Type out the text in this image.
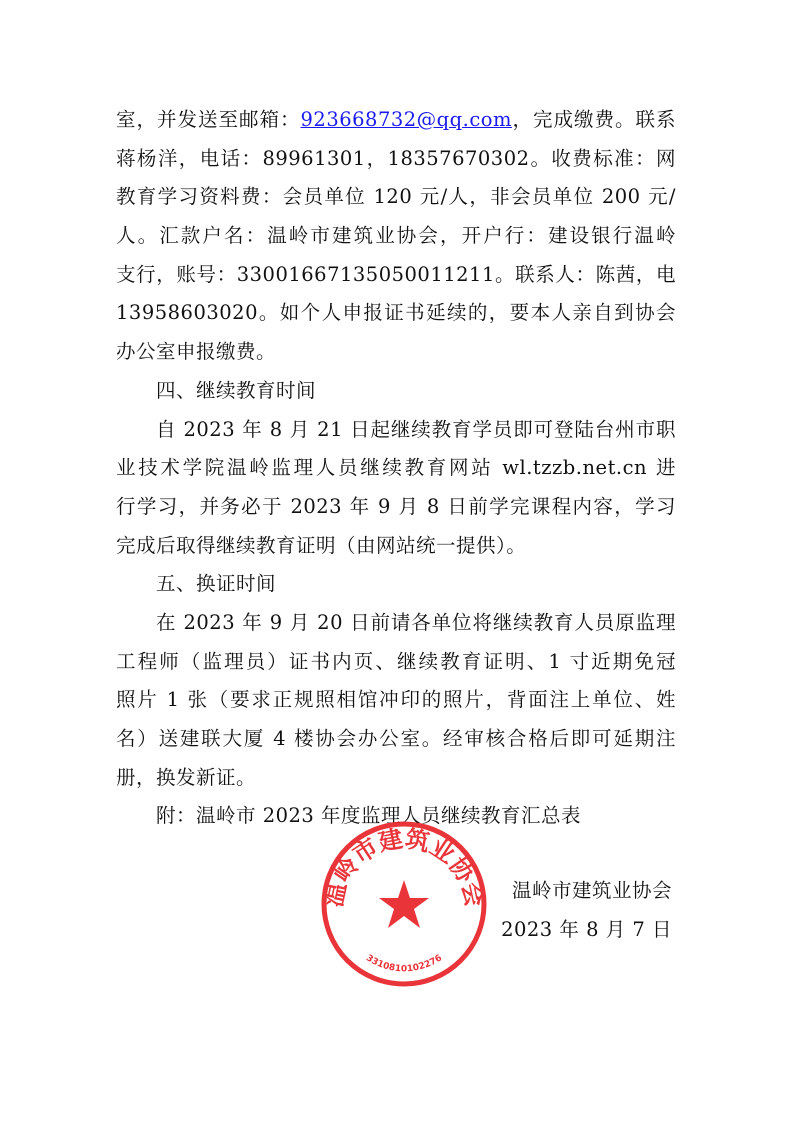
室，并发送至邮箱：923668732@qq.com，完成缴费。联系
蒋杨洋，电话：89961301，18357670302。收费标准：网
教育学习资料费：会员单位 120 元/人，非会员单位 200 元/
人。汇款户名：温岭市建筑业协会，开户行：建设银行温岭
支行，账号：33001667135050011211。联系人：陈茜，电
13958603020。如个人申报证书延续的，要本人亲自到协会
办公室申报缴费。
四、继续教育时间
自 2023 年 8 月 21 日起继续教育学员即可登陆台州市职
业技术学院温岭监理人员继续教育网站 wl.tzzb.net.cn 进
行学习，并务必于 2023 年 9 月 8 日前学完课程内容，学习
完成后取得继续教育证明（由网站统一提供）。
五、换证时间
在 2023 年 9 月 20 日前请各单位将继续教育人员原监理
工程师（监理员）证书内页、继续教育证明、1 寸近期免冠
照片 1 张（要求正规照相馆冲印的照片，背面注上单位、姓
名）送建联大厦 4 楼协会办公室。经审核合格后即可延期注
册，换发新证。
附：温岭市 2023 年度监理人员继续教育汇总表
温岭市建筑业协会
3310810102276
温岭市建筑业协会
2023 年 8 月 7 日
